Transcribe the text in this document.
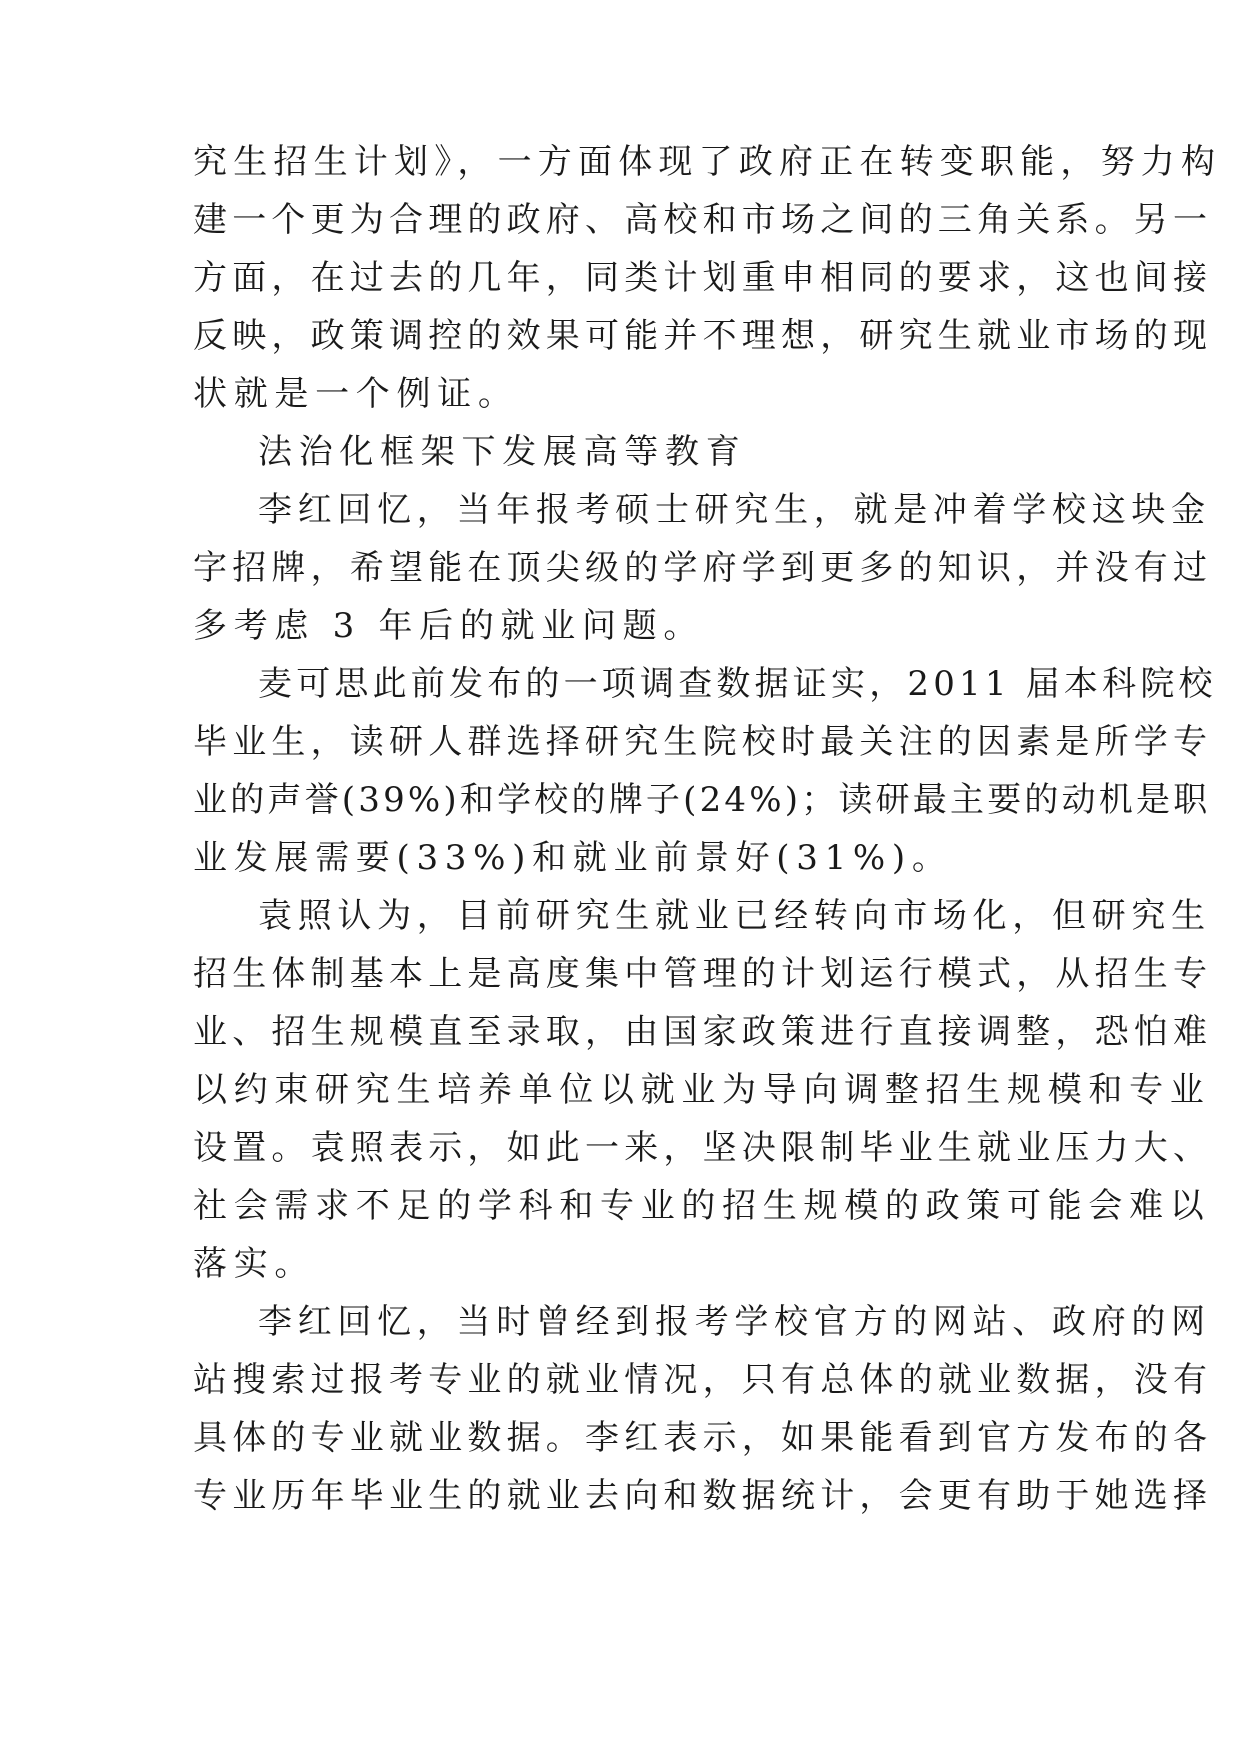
究生招生计划》，一方面体现了政府正在转变职能，努力构
建一个更为合理的政府、高校和市场之间的三角关系。另一
方面，在过去的几年，同类计划重申相同的要求，这也间接
反映，政策调控的效果可能并不理想，研究生就业市场的现
状就是一个例证。
法治化框架下发展高等教育
李红回忆，当年报考硕士研究生，就是冲着学校这块金
字招牌，希望能在顶尖级的学府学到更多的知识，并没有过
多考虑 3 年后的就业问题。
麦可思此前发布的一项调查数据证实，2011 届本科院校
毕业生，读研人群选择研究生院校时最关注的因素是所学专
业的声誉(39%)和学校的牌子(24%)；读研最主要的动机是职
业发展需要(33%)和就业前景好(31%)。
袁照认为，目前研究生就业已经转向市场化，但研究生
招生体制基本上是高度集中管理的计划运行模式，从招生专
业、招生规模直至录取，由国家政策进行直接调整，恐怕难
以约束研究生培养单位以就业为导向调整招生规模和专业
设置。袁照表示，如此一来，坚决限制毕业生就业压力大、
社会需求不足的学科和专业的招生规模的政策可能会难以
落实。
李红回忆，当时曾经到报考学校官方的网站、政府的网
站搜索过报考专业的就业情况，只有总体的就业数据，没有
具体的专业就业数据。李红表示，如果能看到官方发布的各
专业历年毕业生的就业去向和数据统计，会更有助于她选择
